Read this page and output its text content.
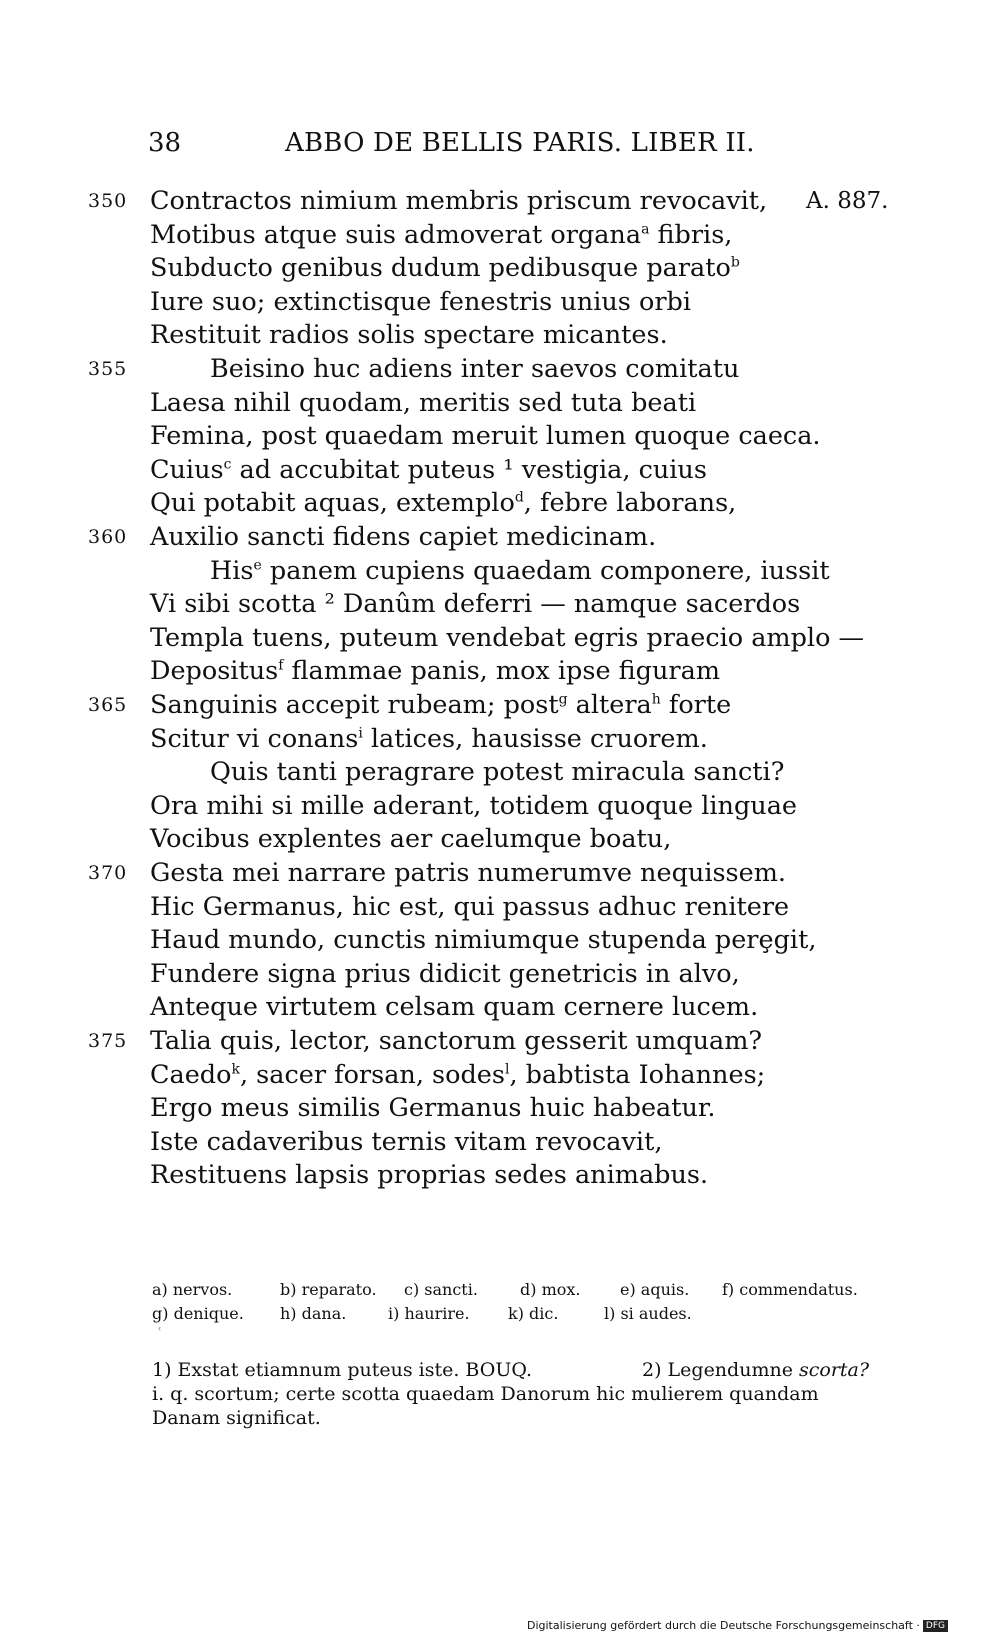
38	ABBO DE BELLIS PARIS. LIBER II.
350 Contractos nimium membris priscum revocavit, A. 887.
Motibus atque suis admoverat organa$^a$ fibris,
Subducto genibus dudum pedibusque parato$^b$
Iure suo; extinctisque fenestris unius orbi
Restituit radios solis spectare micantes.
355	Beisino huc adiens inter saevos comitatu
Laesa nihil quodam, meritis sed tuta beati
Femina, post quaedam meruit lumen quoque caeca.
Cuius$^c$ ad accubitat puteus ¹ vestigia, cuius
Qui potabit aquas, extemplo$^d$, febre laborans,
360 Auxilio sancti fidens capiet medicinam.
His$^e$ panem cupiens quaedam componere, iussit
Vi sibi scotta ² Danûm deferri — namque sacerdos
Templa tuens, puteum vendebat egris praecio amplo —
Depositus$^f$ flammae panis, mox ipse figuram
365 Sanguinis accepit rubeam; post$^g$ altera$^h$ forte
Scitur vi conans$^i$ latices, hausisse cruorem.
Quis tanti peragrare potest miracula sancti?
Ora mihi si mille aderant, totidem quoque linguae
Vocibus explentes aer caelumque boatu,
370 Gesta mei narrare patris numerumve nequissem.
Hic Germanus, hic est, qui passus adhuc renitere
Haud mundo, cunctis nimiumque stupenda perȩgit,
Fundere signa prius didicit genetricis in alvo,
Anteque virtutem celsam quam cernere lucem.
375 Talia quis, lector, sanctorum gesserit umquam?
Caedo$^k$, sacer forsan, sodes$^l$, babtista Iohannes;
Ergo meus similis Germanus huic habeatur.
Iste cadaveribus ternis vitam revocavit,
Restituens lapsis proprias sedes animabus.
a) nervos.	b) reparato. c) sancti.	d) mox. e) aquis. f) commendatus.
g) denique. h) dana.	i) haurire. k) dic.	l) si audes.
ʿ
1) Exstat etiamnum puteus iste. BOUQ.	2) Legendumne scorta?
i. q. scortum; certe scotta quaedam Danorum hic mulierem quandam
Danam significat.
Digitalisierung gefördert durch die Deutsche Forschungsgemeinschaft · DFG
